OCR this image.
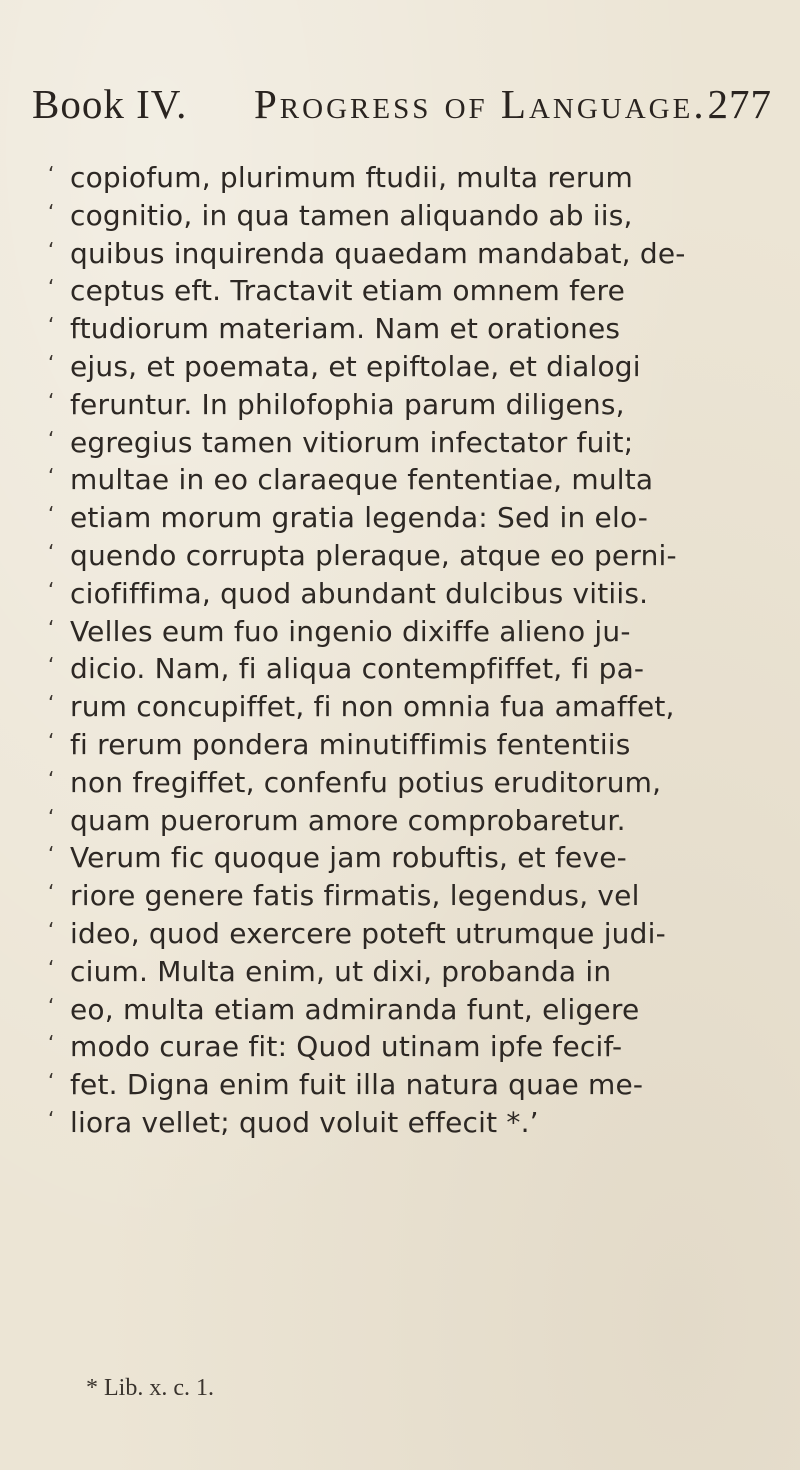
Book IV. Progress of Language. 277
‘ copiofum, plurimum ftudii, multa rerum
‘ cognitio, in qua tamen aliquando ab iis,
‘ quibus inquirenda quaedam mandabat, de-
‘ ceptus eft. Tractavit etiam omnem fere
‘ ftudiorum materiam. Nam et orationes
‘ ejus, et poemata, et epiftolae, et dialogi
‘ feruntur. In philofophia parum diligens,
‘ egregius tamen vitiorum infectator fuit;
‘ multae in eo claraeque fententiae, multa
‘ etiam morum gratia legenda: Sed in elo-
‘ quendo corrupta pleraque, atque eo perni-
‘ ciofiffima, quod abundant dulcibus vitiis.
‘ Velles eum fuo ingenio dixiffe alieno ju-
‘ dicio. Nam, fi aliqua contempfiffet, fi pa-
‘ rum concupiffet, fi non omnia fua amaffet,
‘ fi rerum pondera minutiffimis fententiis
‘ non fregiffet, confenfu potius eruditorum,
‘ quam puerorum amore comprobaretur.
‘ Verum fic quoque jam robuftis, et feve-
‘ riore genere fatis firmatis, legendus, vel
‘ ideo, quod exercere poteft utrumque judi-
‘ cium. Multa enim, ut dixi, probanda in
‘ eo, multa etiam admiranda funt, eligere
‘ modo curae fit: Quod utinam ipfe fecif-
‘ fet. Digna enim fuit illa natura quae me-
‘ liora vellet; quod voluit effecit *.’
* Lib. x. c. 1.
